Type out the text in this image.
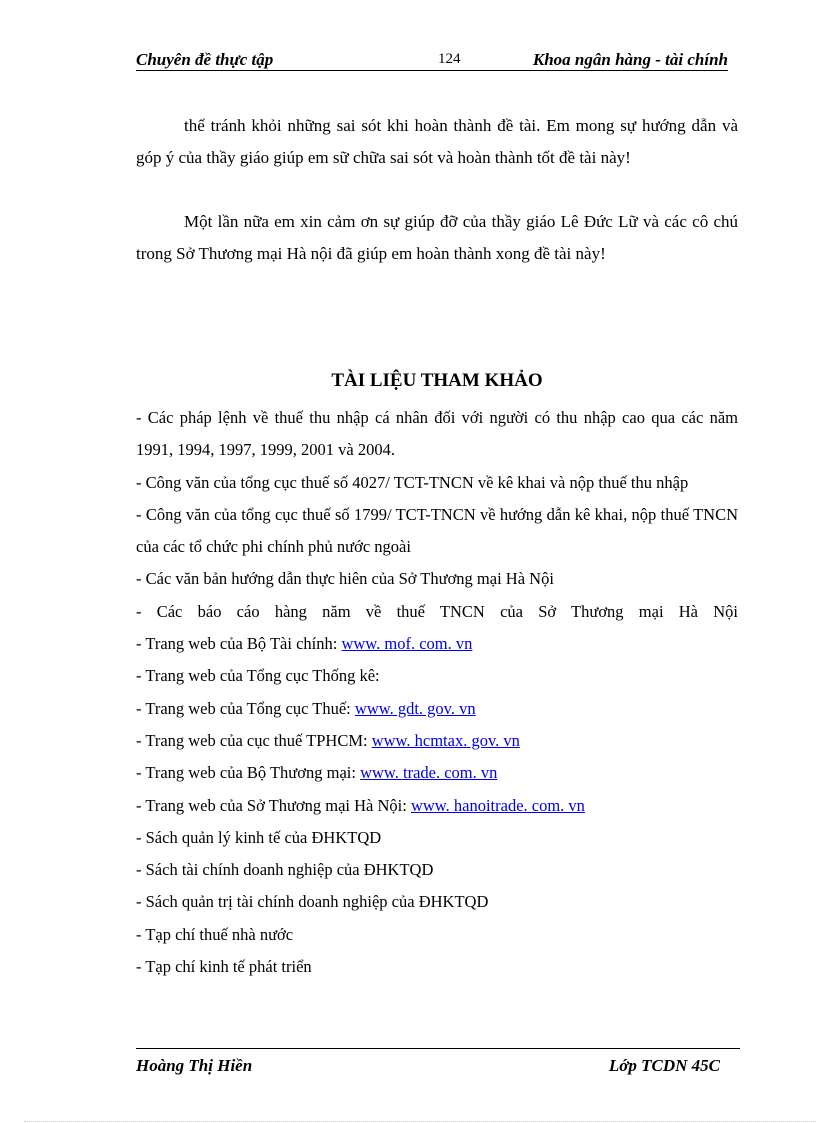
Chuyên đề thực tập	124	Khoa ngân hàng - tài chính

thể tránh khỏi những sai sót khi hoàn thành đề tài. Em mong sự hướng dẫn và góp ý của thầy giáo giúp em sữ chữa sai sót và hoàn thành tốt đề tài này!

Một lần nữa em xin cảm ơn sự giúp đỡ của thầy giáo Lê Đức Lữ và các cô chú trong Sở Thương mại Hà nội đã giúp em hoàn thành xong đề tài này!

TÀI LIỆU THAM KHẢO
- Các pháp lệnh về thuế thu nhập cá nhân đối với người có thu nhập cao qua các năm 1991, 1994, 1997, 1999, 2001 và 2004.
- Công văn của tổng cục thuế số 4027/ TCT-TNCN về kê khai và nộp thuế thu nhập
- Công văn của tổng cục thuế số 1799/ TCT-TNCN về hướng dẫn kê khai, nộp thuế TNCN của các tổ chức phi chính phủ nước ngoài
- Các văn bản hướng dẫn thực hiên của Sở Thương mại Hà Nội
- Các báo cáo hàng năm về thuế TNCN của Sở Thương mại Hà Nội
- Trang web của Bộ Tài chính: www. mof. com. vn
- Trang web của Tổng cục Thống kê:
- Trang web của Tổng cục Thuế: www. gdt. gov. vn
- Trang web của cục thuế TPHCM: www. hcmtax. gov. vn
- Trang web của Bộ Thương mại: www. trade. com. vn
- Trang web của Sở Thương mại Hà Nội: www. hanoitrade. com. vn
- Sách quản lý kinh tế của ĐHKTQD
- Sách tài chính doanh nghiệp của ĐHKTQD
- Sách quản trị tài chính doanh nghiệp của ĐHKTQD
- Tạp chí thuế nhà nước
- Tạp chí kinh tế phát triển
Hoàng Thị Hiền	Lớp TCDN 45C
